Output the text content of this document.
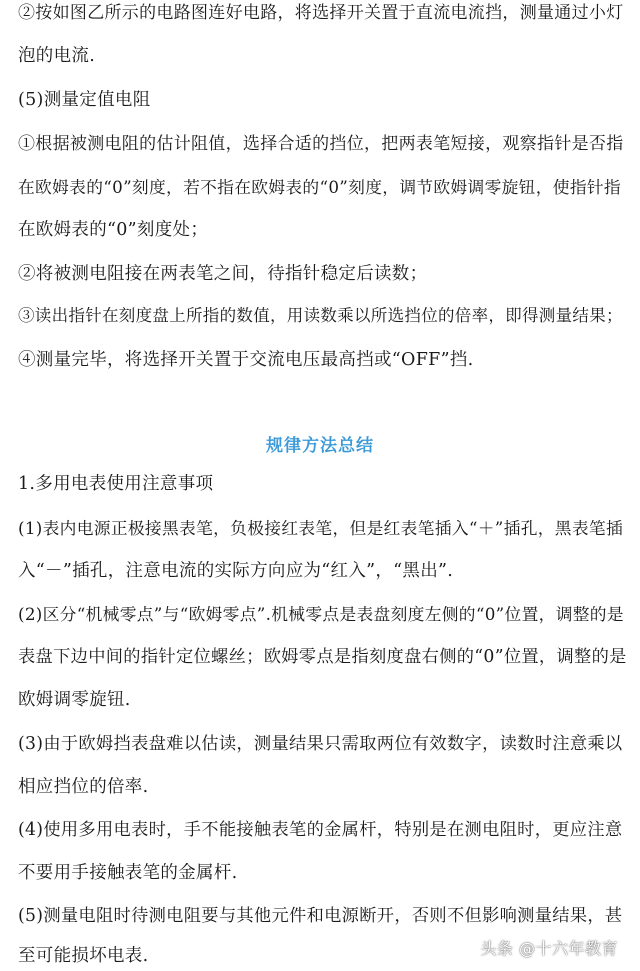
②按如图乙所示的电路图连好电路，将选择开关置于直流电流挡，测量通过小灯
泡的电流.
(5)测量定值电阻
①根据被测电阻的估计阻值，选择合适的挡位，把两表笔短接，观察指针是否指
在欧姆表的“0”刻度，若不指在欧姆表的“0”刻度，调节欧姆调零旋钮，使指针指
在欧姆表的“0”刻度处；
②将被测电阻接在两表笔之间，待指针稳定后读数；
③读出指针在刻度盘上所指的数值，用读数乘以所选挡位的倍率，即得测量结果；
④测量完毕，将选择开关置于交流电压最高挡或“OFF”挡.
规律方法总结
1.多用电表使用注意事项
(1)表内电源正极接黑表笔，负极接红表笔，但是红表笔插入“＋”插孔，黑表笔插
入“－”插孔，注意电流的实际方向应为“红入”，“黑出”.
(2)区分“机械零点”与“欧姆零点”.机械零点是表盘刻度左侧的“0”位置，调整的是
表盘下边中间的指针定位螺丝；欧姆零点是指刻度盘右侧的“0”位置，调整的是
欧姆调零旋钮.
(3)由于欧姆挡表盘难以估读，测量结果只需取两位有效数字，读数时注意乘以
相应挡位的倍率.
(4)使用多用电表时，手不能接触表笔的金属杆，特别是在测电阻时，更应注意
不要用手接触表笔的金属杆.
(5)测量电阻时待测电阻要与其他元件和电源断开，否则不但影响测量结果，甚
至可能损坏电表.	头条 @十六年教育
